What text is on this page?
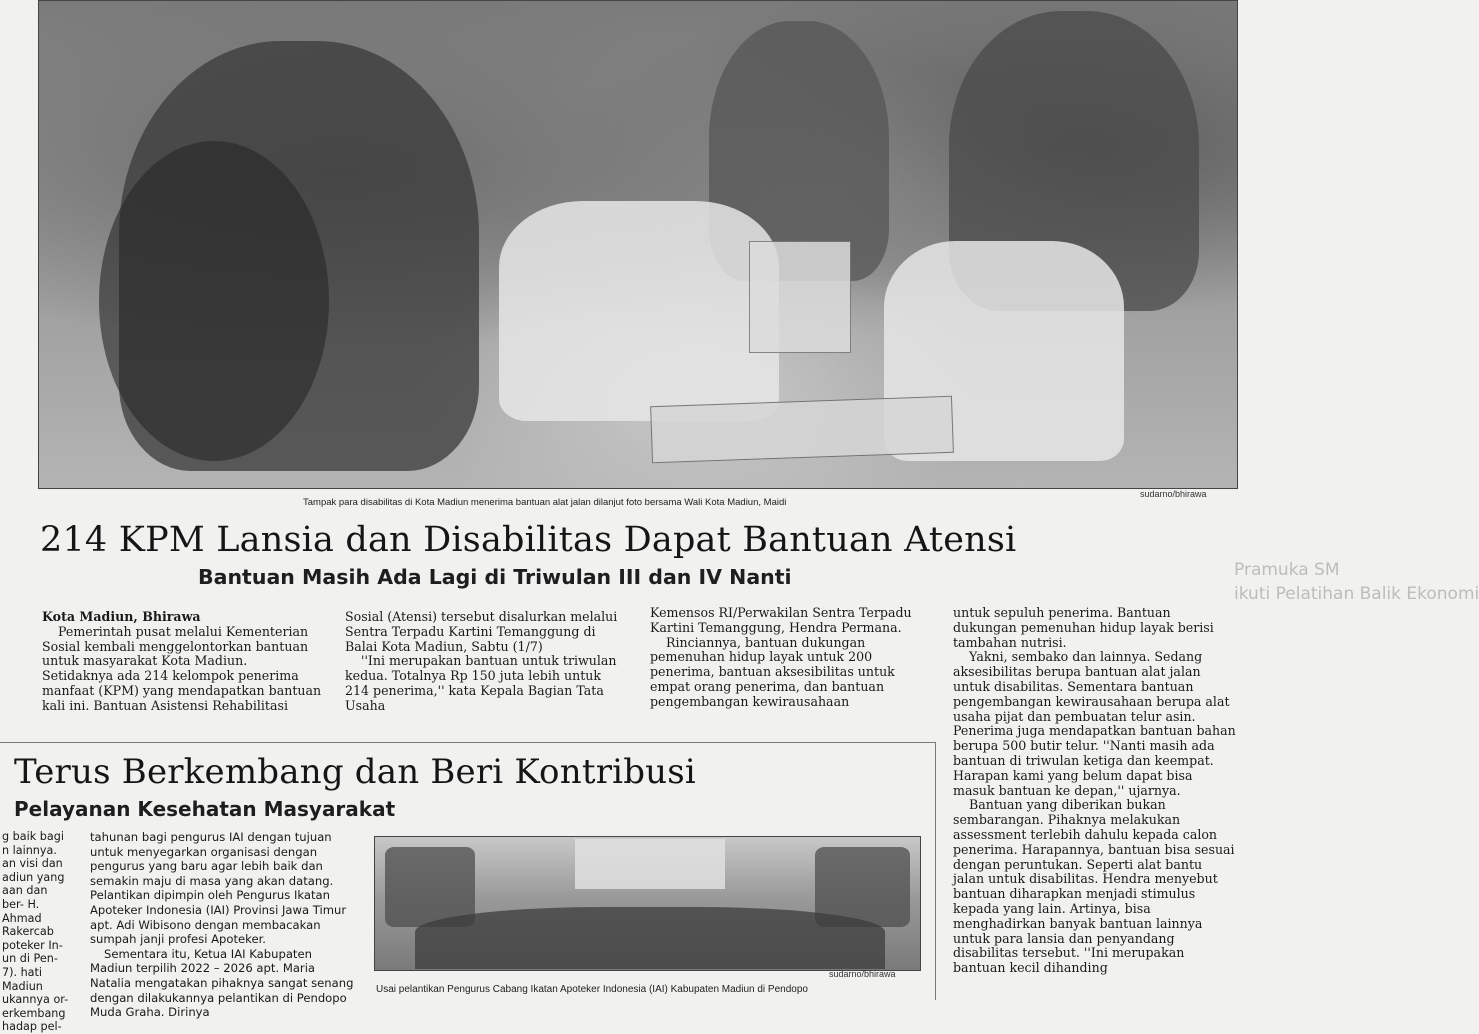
Tampak para disabilitas di Kota Madiun menerima bantuan alat jalan dilanjut foto bersama Wali Kota Madiun, Maidi
sudarno/bhirawa
Pramuka SM
ikuti Pelatihan Balik Ekonomi
214 KPM Lansia dan Disabilitas Dapat Bantuan Atensi
Bantuan Masih Ada Lagi di Triwulan III dan IV Nanti

Kota Madiun, Bhirawa

Pemerintah pusat melalui Kementerian Sosial kembali menggelontorkan bantuan untuk masyarakat Kota Madiun. Setidaknya ada 214 kelompok penerima manfaat (KPM) yang mendapatkan bantuan kali ini. Bantuan Asistensi Rehabilitasi

Sosial (Atensi) tersebut disalurkan melalui Sentra Terpadu Kartini Temanggung di Balai Kota Madiun, Sabtu (1/7)

''Ini merupakan bantuan untuk triwulan kedua. Totalnya Rp 150 juta lebih untuk 214 penerima,'' kata Kepala Bagian Tata Usaha

Kemensos RI/Perwakilan Sentra Terpadu Kartini Temanggung, Hendra Permana.

Rinciannya, bantuan dukungan pemenuhan hidup layak untuk 200 penerima, bantuan aksesibilitas untuk empat orang penerima, dan bantuan pengembangan kewirausahaan

untuk sepuluh penerima. Bantuan dukungan pemenuhan hidup layak berisi tambahan nutrisi.

Yakni, sembako dan lainnya. Sedang aksesibilitas berupa bantuan alat jalan untuk disabilitas. Sementara bantuan pengembangan kewirausahaan berupa alat usaha pijat dan pembuatan telur asin. Penerima juga mendapatkan bantuan bahan berupa 500 butir telur. ''Nanti masih ada bantuan di triwulan ketiga dan keempat. Harapan kami yang belum dapat bisa masuk bantuan ke depan,'' ujarnya.

Bantuan yang diberikan bukan sembarangan. Pihaknya melakukan assessment terlebih dahulu kepada calon penerima. Harapannya, bantuan bisa sesuai dengan peruntukan. Seperti alat bantu jalan untuk disabilitas. Hendra menyebut bantuan diharapkan menjadi stimulus kepada yang lain. Artinya, bisa menghadirkan banyak bantuan lainnya untuk para lansia dan penyandang disabilitas tersebut. ''Ini merupakan bantuan kecil dihanding

Terus Berkembang dan Beri Kontribusi
Pelayanan Kesehatan Masyarakat

g baik bagi n lainnya. an visi dan adiun yang aan dan ber- H. Ahmad Rakercab poteker In- un di Pen- 7). hati Madiun ukannya or- erkembang hadap pel-

tahunan bagi pengurus IAI dengan tujuan untuk menyegarkan organisasi dengan pengurus yang baru agar lebih baik dan semakin maju di masa yang akan datang. Pelantikan dipimpin oleh Pengurus Ikatan Apoteker Indonesia (IAI) Provinsi Jawa Timur apt. Adi Wibisono dengan membacakan sumpah janji profesi Apoteker.

Sementara itu, Ketua IAI Kabupaten Madiun terpilih 2022 – 2026 apt. Maria Natalia mengatakan pihaknya sangat senang dengan dilakukannya pelantikan di Pendopo Muda Graha. Dirinya

sudarno/bhirawa
Usai pelantikan Pengurus Cabang Ikatan Apoteker Indonesia (IAI) Kabupaten Madiun di Pendopo
